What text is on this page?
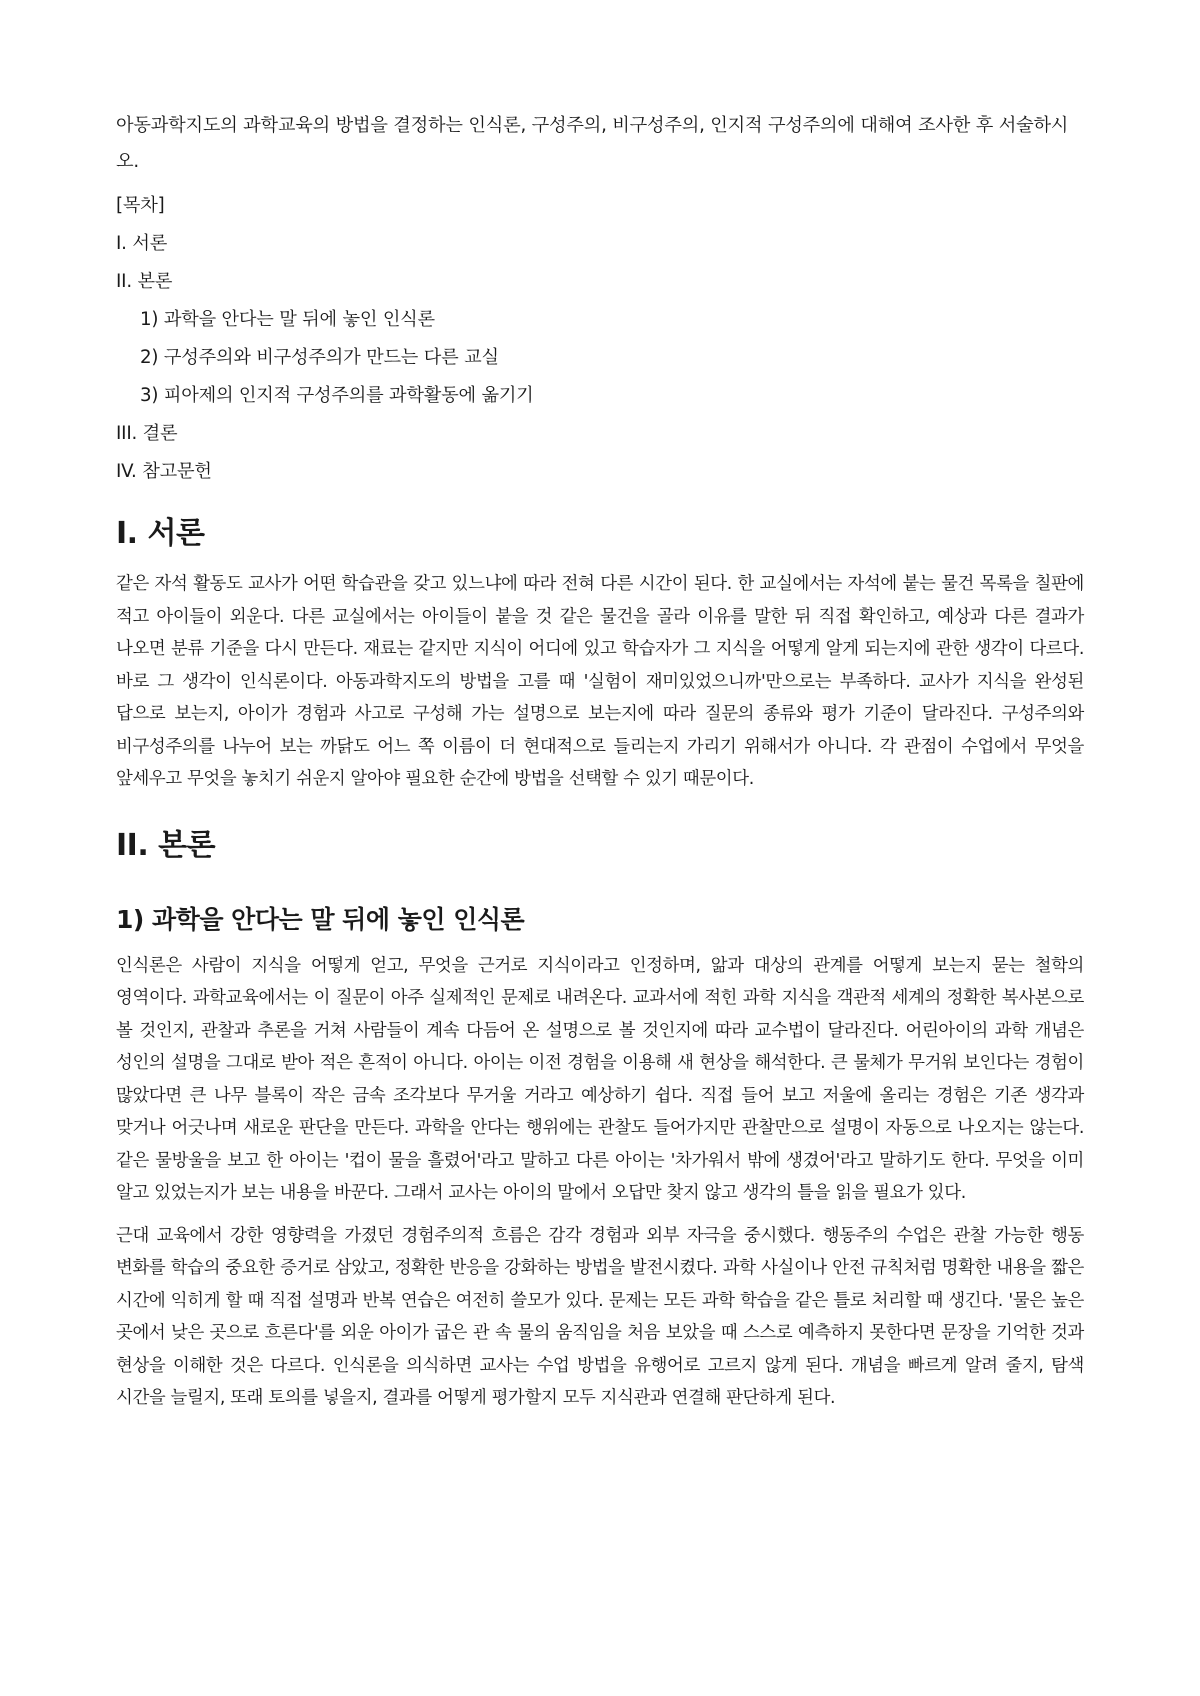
아동과학지도의 과학교육의 방법을 결정하는 인식론, 구성주의, 비구성주의, 인지적 구성주의에 대해여 조사한 후 서술하시오.

[목차]
I. 서론
II. 본론
1) 과학을 안다는 말 뒤에 놓인 인식론
2) 구성주의와 비구성주의가 만드는 다른 교실
3) 피아제의 인지적 구성주의를 과학활동에 옮기기
III. 결론
IV. 참고문헌
I. 서론

같은 자석 활동도 교사가 어떤 학습관을 갖고 있느냐에 따라 전혀 다른 시간이 된다. 한 교실에서는 자석에 붙는 물건 목록을 칠판에 적고 아이들이 외운다. 다른 교실에서는 아이들이 붙을 것 같은 물건을 골라 이유를 말한 뒤 직접 확인하고, 예상과 다른 결과가 나오면 분류 기준을 다시 만든다. 재료는 같지만 지식이 어디에 있고 학습자가 그 지식을 어떻게 알게 되는지에 관한 생각이 다르다. 바로 그 생각이 인식론이다. 아동과학지도의 방법을 고를 때 '실험이 재미있었으니까'만으로는 부족하다. 교사가 지식을 완성된 답으로 보는지, 아이가 경험과 사고로 구성해 가는 설명으로 보는지에 따라 질문의 종류와 평가 기준이 달라진다. 구성주의와 비구성주의를 나누어 보는 까닭도 어느 쪽 이름이 더 현대적으로 들리는지 가리기 위해서가 아니다. 각 관점이 수업에서 무엇을 앞세우고 무엇을 놓치기 쉬운지 알아야 필요한 순간에 방법을 선택할 수 있기 때문이다.

II. 본론
1) 과학을 안다는 말 뒤에 놓인 인식론

인식론은 사람이 지식을 어떻게 얻고, 무엇을 근거로 지식이라고 인정하며, 앎과 대상의 관계를 어떻게 보는지 묻는 철학의 영역이다. 과학교육에서는 이 질문이 아주 실제적인 문제로 내려온다. 교과서에 적힌 과학 지식을 객관적 세계의 정확한 복사본으로 볼 것인지, 관찰과 추론을 거쳐 사람들이 계속 다듬어 온 설명으로 볼 것인지에 따라 교수법이 달라진다. 어린아이의 과학 개념은 성인의 설명을 그대로 받아 적은 흔적이 아니다. 아이는 이전 경험을 이용해 새 현상을 해석한다. 큰 물체가 무거워 보인다는 경험이 많았다면 큰 나무 블록이 작은 금속 조각보다 무거울 거라고 예상하기 쉽다. 직접 들어 보고 저울에 올리는 경험은 기존 생각과 맞거나 어긋나며 새로운 판단을 만든다. 과학을 안다는 행위에는 관찰도 들어가지만 관찰만으로 설명이 자동으로 나오지는 않는다. 같은 물방울을 보고 한 아이는 '컵이 물을 흘렸어'라고 말하고 다른 아이는 '차가워서 밖에 생겼어'라고 말하기도 한다. 무엇을 이미 알고 있었는지가 보는 내용을 바꾼다. 그래서 교사는 아이의 말에서 오답만 찾지 않고 생각의 틀을 읽을 필요가 있다.

근대 교육에서 강한 영향력을 가졌던 경험주의적 흐름은 감각 경험과 외부 자극을 중시했다. 행동주의 수업은 관찰 가능한 행동 변화를 학습의 중요한 증거로 삼았고, 정확한 반응을 강화하는 방법을 발전시켰다. 과학 사실이나 안전 규칙처럼 명확한 내용을 짧은 시간에 익히게 할 때 직접 설명과 반복 연습은 여전히 쓸모가 있다. 문제는 모든 과학 학습을 같은 틀로 처리할 때 생긴다. '물은 높은 곳에서 낮은 곳으로 흐른다'를 외운 아이가 굽은 관 속 물의 움직임을 처음 보았을 때 스스로 예측하지 못한다면 문장을 기억한 것과 현상을 이해한 것은 다르다. 인식론을 의식하면 교사는 수업 방법을 유행어로 고르지 않게 된다. 개념을 빠르게 알려 줄지, 탐색 시간을 늘릴지, 또래 토의를 넣을지, 결과를 어떻게 평가할지 모두 지식관과 연결해 판단하게 된다.
